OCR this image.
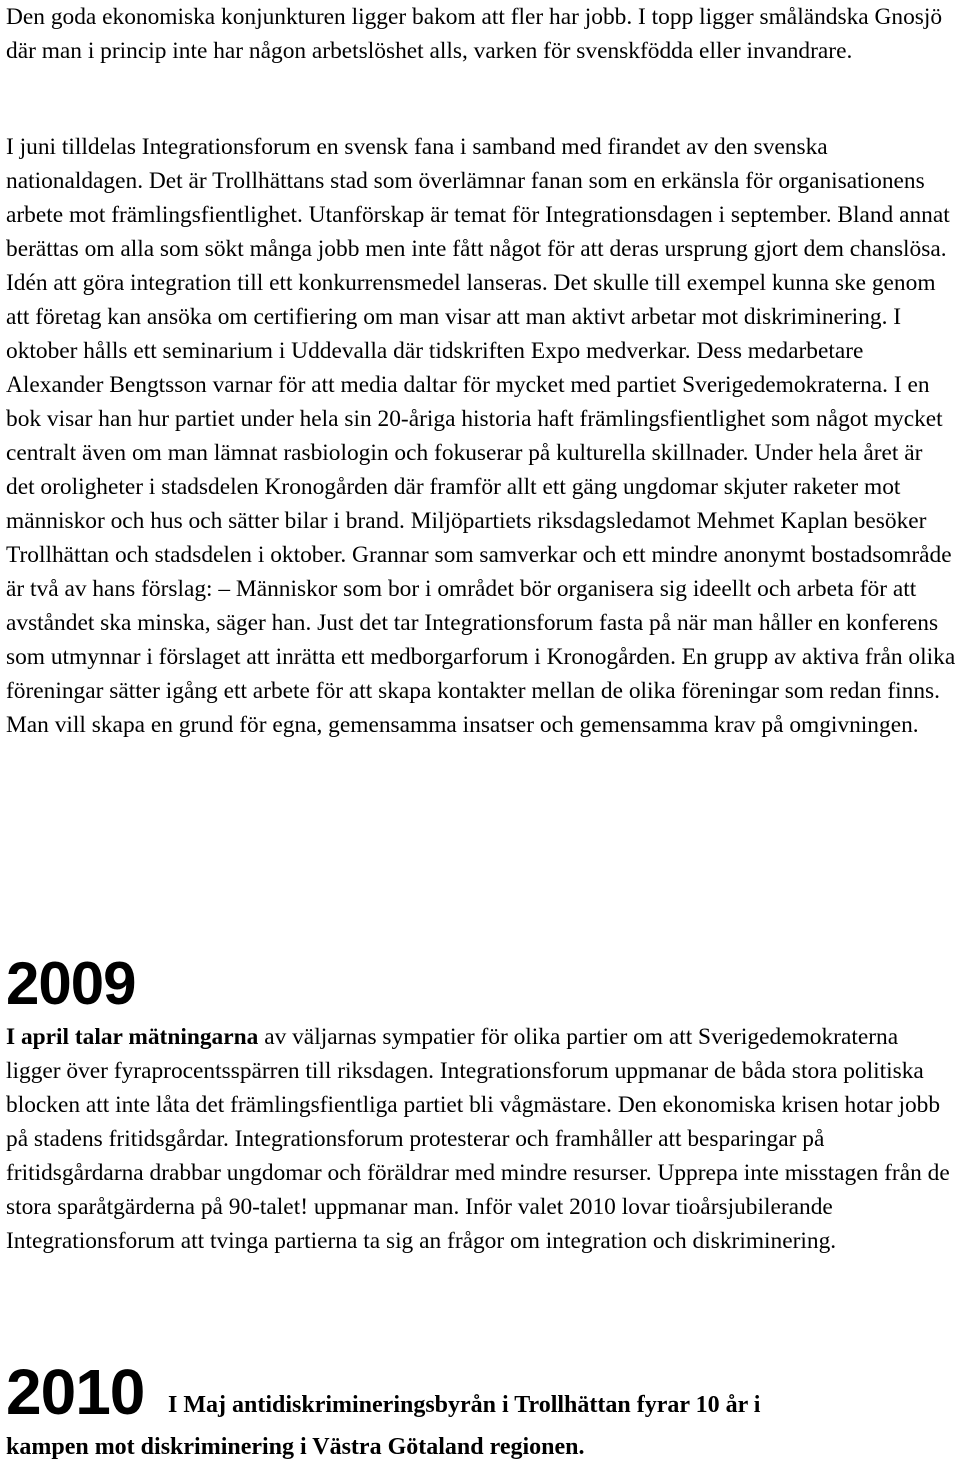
Den goda ekonomiska konjunkturen ligger bakom att fler har jobb. I topp ligger småländska Gnosjö där man i princip inte har någon arbetslöshet alls, varken för svenskfödda eller invandrare.

I juni tilldelas Integrationsforum en svensk fana i samband med firandet av den svenska nationaldagen. Det är Trollhättans stad som överlämnar fanan som en erkänsla för organisationens arbete mot främlingsfientlighet. Utanförskap är temat för Integrationsdagen i september. Bland annat berättas om alla som sökt många jobb men inte fått något för att deras ursprung gjort dem chanslösa. Idén att göra integration till ett konkurrensmedel lanseras. Det skulle till exempel kunna ske genom att företag kan ansöka om certifiering om man visar att man aktivt arbetar mot diskriminering. I oktober hålls ett seminarium i Uddevalla där tidskriften Expo medverkar. Dess medarbetare Alexander Bengtsson varnar för att media daltar för mycket med partiet Sverigedemokraterna. I en bok visar han hur partiet under hela sin 20-åriga historia haft främlingsfientlighet som något mycket centralt även om man lämnat rasbiologin och fokuserar på kulturella skillnader. Under hela året är det oroligheter i stadsdelen Kronogården där framför allt ett gäng ungdomar skjuter raketer mot människor och hus och sätter bilar i brand. Miljöpartiets riksdagsledamot Mehmet Kaplan besöker Trollhättan och stadsdelen i oktober. Grannar som samverkar och ett mindre anonymt bostadsområde är två av hans förslag: – Människor som bor i området bör organisera sig ideellt och arbeta för att avståndet ska minska, säger han. Just det tar Integrationsforum fasta på när man håller en konferens som utmynnar i förslaget att inrätta ett medborgarforum i Kronogården. En grupp av aktiva från olika föreningar sätter igång ett arbete för att skapa kontakter mellan de olika föreningar som redan finns. Man vill skapa en grund för egna, gemensamma insatser och gemensamma krav på omgivningen.

2009

I april talar mätningarna av väljarnas sympatier för olika partier om att Sverigedemokraterna ligger över fyraprocentsspärren till riksdagen. Integrationsforum uppmanar de båda stora politiska blocken att inte låta det främlingsfientliga partiet bli vågmästare. Den ekonomiska krisen hotar jobb på stadens fritidsgårdar. Integrationsforum protesterar och framhåller att besparingar på fritidsgårdarna drabbar ungdomar och föräldrar med mindre resurser. Upprepa inte misstagen från de stora sparåtgärderna på 90-talet! uppmanar man. Inför valet 2010 lovar tioårsjubilerande Integrationsforum att tvinga partierna ta sig an frågor om integration och diskriminering.

2010 I Maj antidiskrimineringsbyrån i Trollhättan fyrar 10 år i
kampen mot diskriminering i Västra Götaland regionen.
